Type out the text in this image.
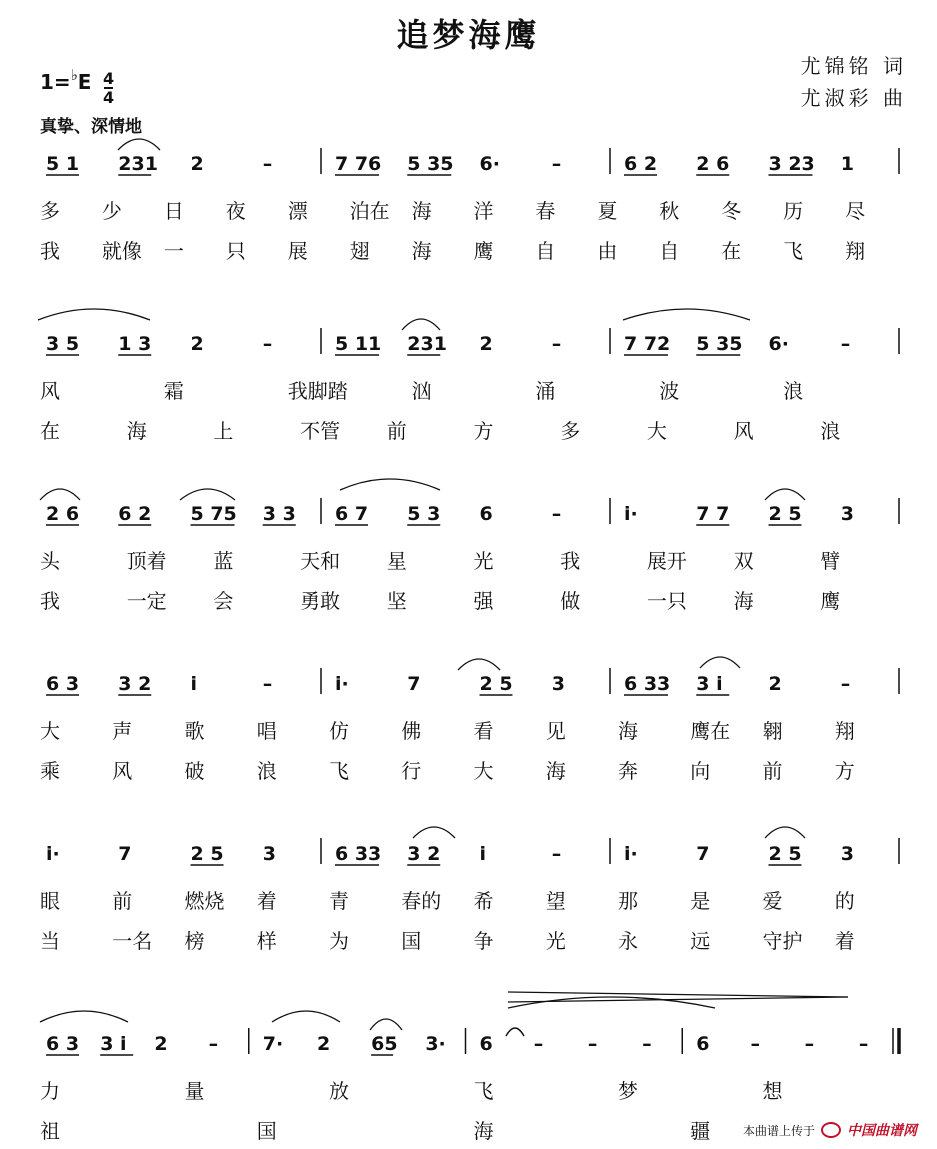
追梦海鹰
尤锦铭 词
尤淑彩 曲
1=♭E 4
4
真挚、深情地
5 1 231 2	–	7 76 5 35 6·	–	6 2 2 6 3 23 1
多 少 日 夜 漂 泊在 海 洋 春 夏 秋 冬 历 尽
我 就像 一 只 展 翅 海 鹰 自 由 自 在 飞 翔
3 5 1 3 2	–	5 11 231 2	–	7 72 5 35 6·	–
风	霜	我脚踏	汹	涌	波	浪
在	海	上	不管 前	方	多	大	风	浪
2 6 6 2 5 75 3 3 6 7 5 3 6	–	i·	7 7 2 5 3
头	顶着 蓝	天和 星	光	我	展开 双	臂
我	一定 会	勇敢 坚	强	做	一只 海	鹰
6 3 3 2 i	–	i·	7	2 5 3	6 33 3 i 2	–
大	声	歌	唱	仿	佛	看	见	海	鹰在 翱	翔
乘	风	破	浪	飞	行	大	海	奔	向	前	方
i·	7	2 5 3	6 33 3 2 i	–	i·	7	2 5 3
眼	前	燃烧 着	青	春的 希	望	那	是	爱	的
当	一名 榜	样	为	国	争	光	永	远	守护 着
6 3 3 i 2 – 7· 2 65 3· 6 – – – 6 – – –
力	量	放	飞	梦	想
祖	国	海	疆	本曲谱上传于 中国曲谱网
